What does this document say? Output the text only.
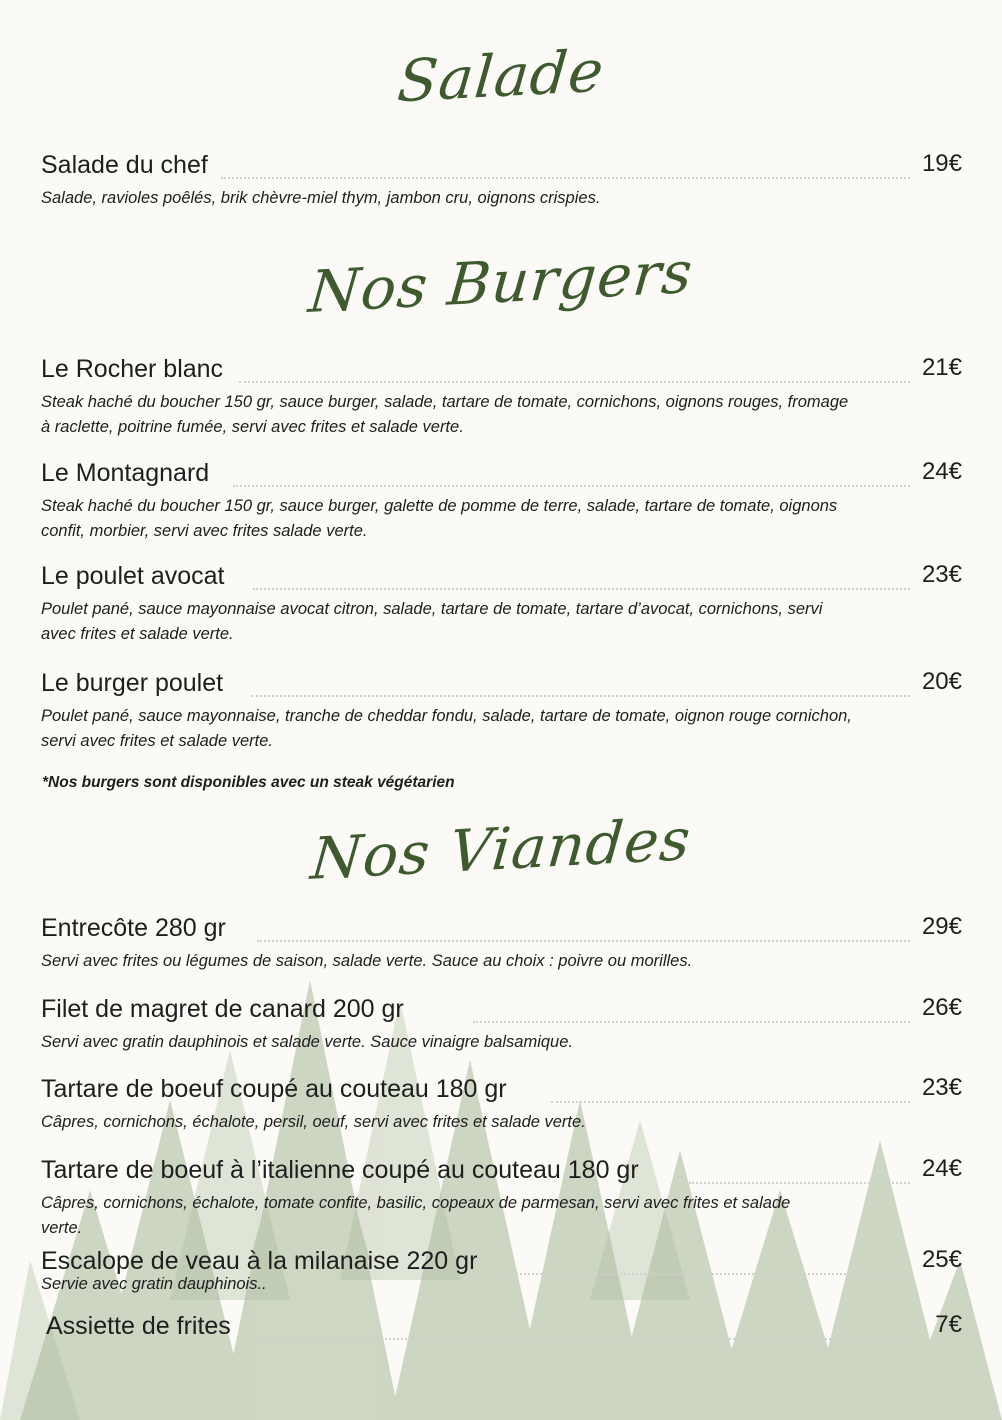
Salade
Salade du chef	19€

Salade, ravioles poêlés, brik chèvre-miel thym, jambon cru, oignons crispies.

Nos Burgers
Le Rocher blanc	21€

Steak haché du boucher 150 gr, sauce burger, salade, tartare de tomate, cornichons, oignons rouges, fromage à raclette, poitrine fumée, servi avec frites et salade verte.

Le Montagnard	24€

Steak haché du boucher 150 gr, sauce burger, galette de pomme de terre, salade, tartare de tomate, oignons confit, morbier, servi avec frites salade verte.

Le poulet avocat	23€

Poulet pané, sauce mayonnaise avocat citron, salade, tartare de tomate, tartare d’avocat, cornichons, servi avec frites et salade verte.

Le burger poulet	20€

Poulet pané, sauce mayonnaise, tranche de cheddar fondu, salade, tartare de tomate, oignon rouge cornichon, servi avec frites et salade verte.

*Nos burgers sont disponibles avec un steak végétarien

Nos Viandes
Entrecôte 280 gr	29€

Servi avec frites ou légumes de saison, salade verte. Sauce au choix : poivre ou morilles.

Filet de magret de canard 200 gr	26€

Servi avec gratin dauphinois et salade verte. Sauce vinaigre balsamique.

Tartare de boeuf coupé au couteau 180 gr	23€

Câpres, cornichons, échalote, persil, oeuf, servi avec frites et salade verte.

Tartare de boeuf à l’italienne coupé au couteau 180 gr	24€

Câpres, cornichons, échalote, tomate confite, basilic, copeaux de parmesan, servi avec frites et salade verte.

Escalope de veau à la milanaise 220 gr	25€

Servie avec gratin dauphinois..

Assiette de frites	7€
